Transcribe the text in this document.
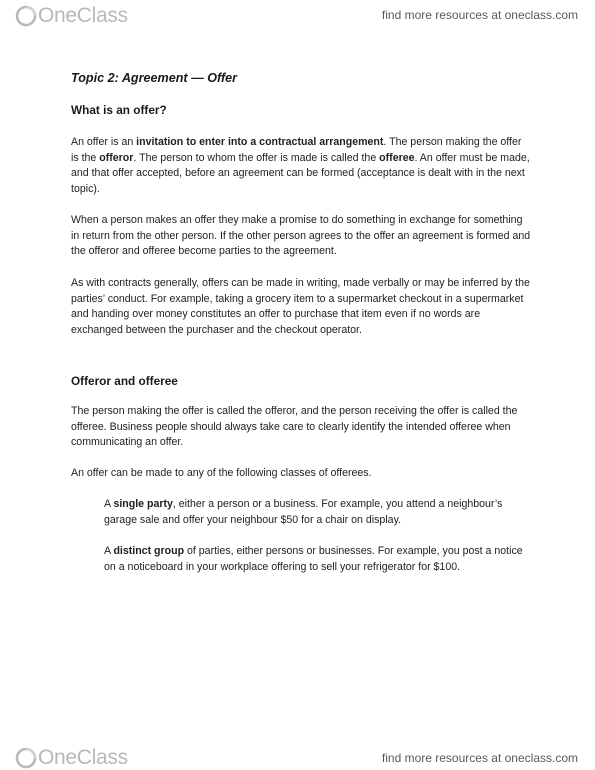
OneClass	find more resources at oneclass.com
Topic 2: Agreement — Offer
What is an offer?

An offer is an invitation to enter into a contractual arrangement. The person making the offer is the offeror. The person to whom the offer is made is called the offeree. An offer must be made, and that offer accepted, before an agreement can be formed (acceptance is dealt with in the next topic).

When a person makes an offer they make a promise to do something in exchange for something in return from the other person. If the other person agrees to the offer an agreement is formed and the offeror and offeree become parties to the agreement.

As with contracts generally, offers can be made in writing, made verbally or may be inferred by the parties’ conduct. For example, taking a grocery item to a supermarket checkout in a supermarket and handing over money constitutes an offer to purchase that item even if no words are exchanged between the purchaser and the checkout operator.

Offeror and offeree

The person making the offer is called the offeror, and the person receiving the offer is called the offeree. Business people should always take care to clearly identify the intended offeree when communicating an offer.

An offer can be made to any of the following classes of offerees.

A single party, either a person or a business. For example, you attend a neighbour’s garage sale and offer your neighbour $50 for a chair on display.

A distinct group of parties, either persons or businesses. For example, you post a notice on a noticeboard in your workplace offering to sell your refrigerator for $100.

OneClass	find more resources at oneclass.com
